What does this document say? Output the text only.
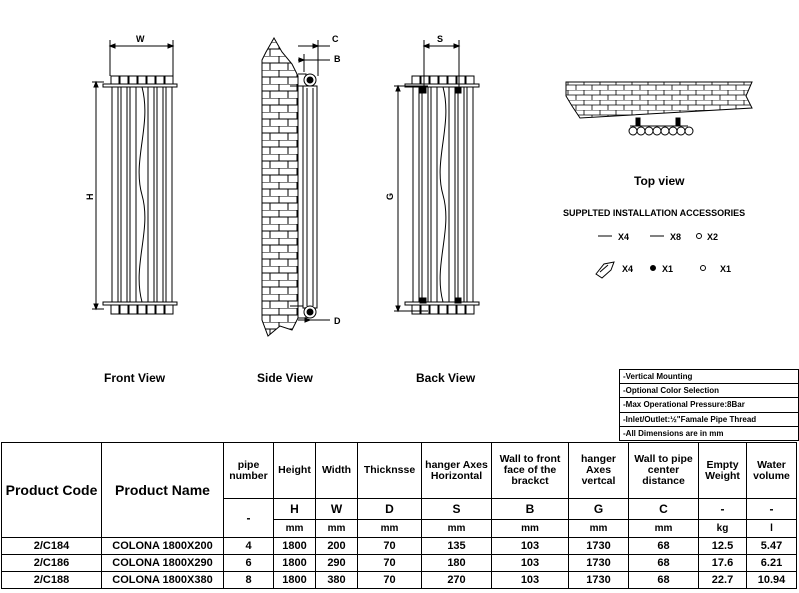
W
H
Front View
C
B
D
Side View
S
G
Back View
Top view
SUPPLTED INSTALLATION ACCESSORIES
X4	X8	X2
X4	X1	X1
-Vertical Mounting
-Optional Color Selection
-Max Operational Pressure:8Bar
-Inlet/Outlet:½"Famale Pipe Thread
-All Dimensions are in mm
Product Code	Product Name	pipe number	Height	Width	Thicknsse	hanger Axes Horizontal	Wall to front face of the brackct	hanger Axes vertcal	Wall to pipe center distance	Empty Weight	Water volume
		-	H	W	D	S	B	G	C	-	-
			mm	mm	mm	mm	mm	mm	mm	kg	l
2/C184	COLONA 1800X200	4	1800	200	70	135	103	1730	68	12.5	5.47
2/C186	COLONA 1800X290	6	1800	290	70	180	103	1730	68	17.6	6.21
2/C188	COLONA 1800X380	8	1800	380	70	270	103	1730	68	22.7	10.94
